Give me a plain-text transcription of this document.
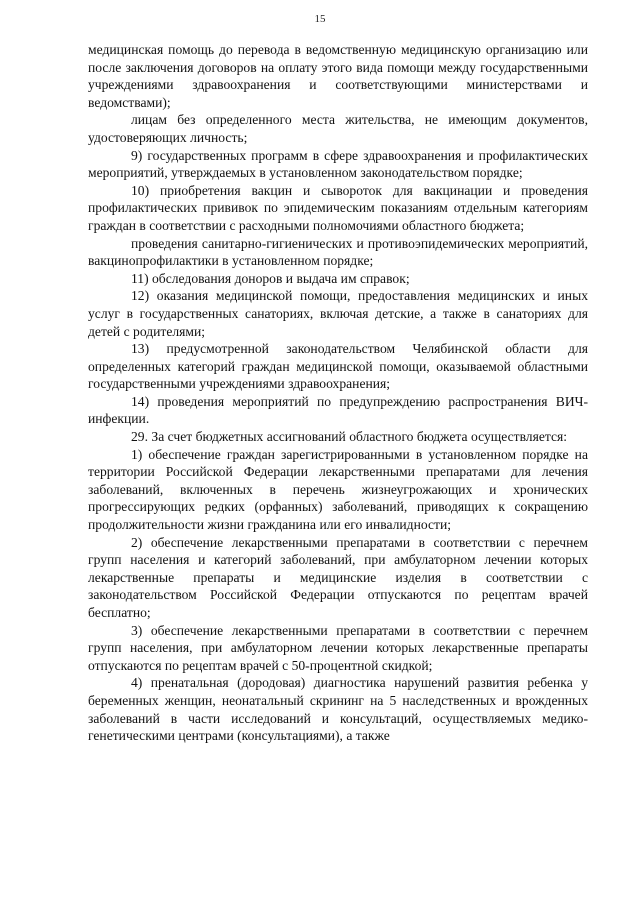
15

медицинская помощь до перевода в ведомственную медицинскую организацию или после заключения договоров на оплату этого вида помощи между государственными учреждениями здравоохранения и соответствующими министерствами и ведомствами);

лицам без определенного места жительства, не имеющим документов, удостоверяющих личность;

9) государственных программ в сфере здравоохранения и профилактических мероприятий, утверждаемых в установленном законодательством порядке;

10) приобретения вакцин и сывороток для вакцинации и проведения профилактических прививок по эпидемическим показаниям отдельным категориям граждан в соответствии с расходными полномочиями областного бюджета;

проведения санитарно-гигиенических и противоэпидемических мероприятий, вакцинопрофилактики в установленном порядке;

11) обследования доноров и выдача им справок;

12) оказания медицинской помощи, предоставления медицинских и иных услуг в государственных санаториях, включая детские, а также в санаториях для детей с родителями;

13) предусмотренной законодательством Челябинской области для определенных категорий граждан медицинской помощи, оказываемой областными государственными учреждениями здравоохранения;

14) проведения мероприятий по предупреждению распространения ВИЧ-инфекции.

29. За счет бюджетных ассигнований областного бюджета осуществляется:

1) обеспечение граждан зарегистрированными в установленном порядке на территории Российской Федерации лекарственными препаратами для лечения заболеваний, включенных в перечень жизнеугрожающих и хронических прогрессирующих редких (орфанных) заболеваний, приводящих к сокращению продолжительности жизни гражданина или его инвалидности;

2) обеспечение лекарственными препаратами в соответствии с перечнем групп населения и категорий заболеваний, при амбулаторном лечении которых лекарственные препараты и медицинские изделия в соответствии с законодательством Российской Федерации отпускаются по рецептам врачей бесплатно;

3) обеспечение лекарственными препаратами в соответствии с перечнем групп населения, при амбулаторном лечении которых лекарственные препараты отпускаются по рецептам врачей с 50-процентной скидкой;

4) пренатальная (дородовая) диагностика нарушений развития ребенка у беременных женщин, неонатальный скрининг на 5 наследственных и врожденных заболеваний в части исследований и консультаций, осуществляемых медико-генетическими центрами (консультациями), а также
